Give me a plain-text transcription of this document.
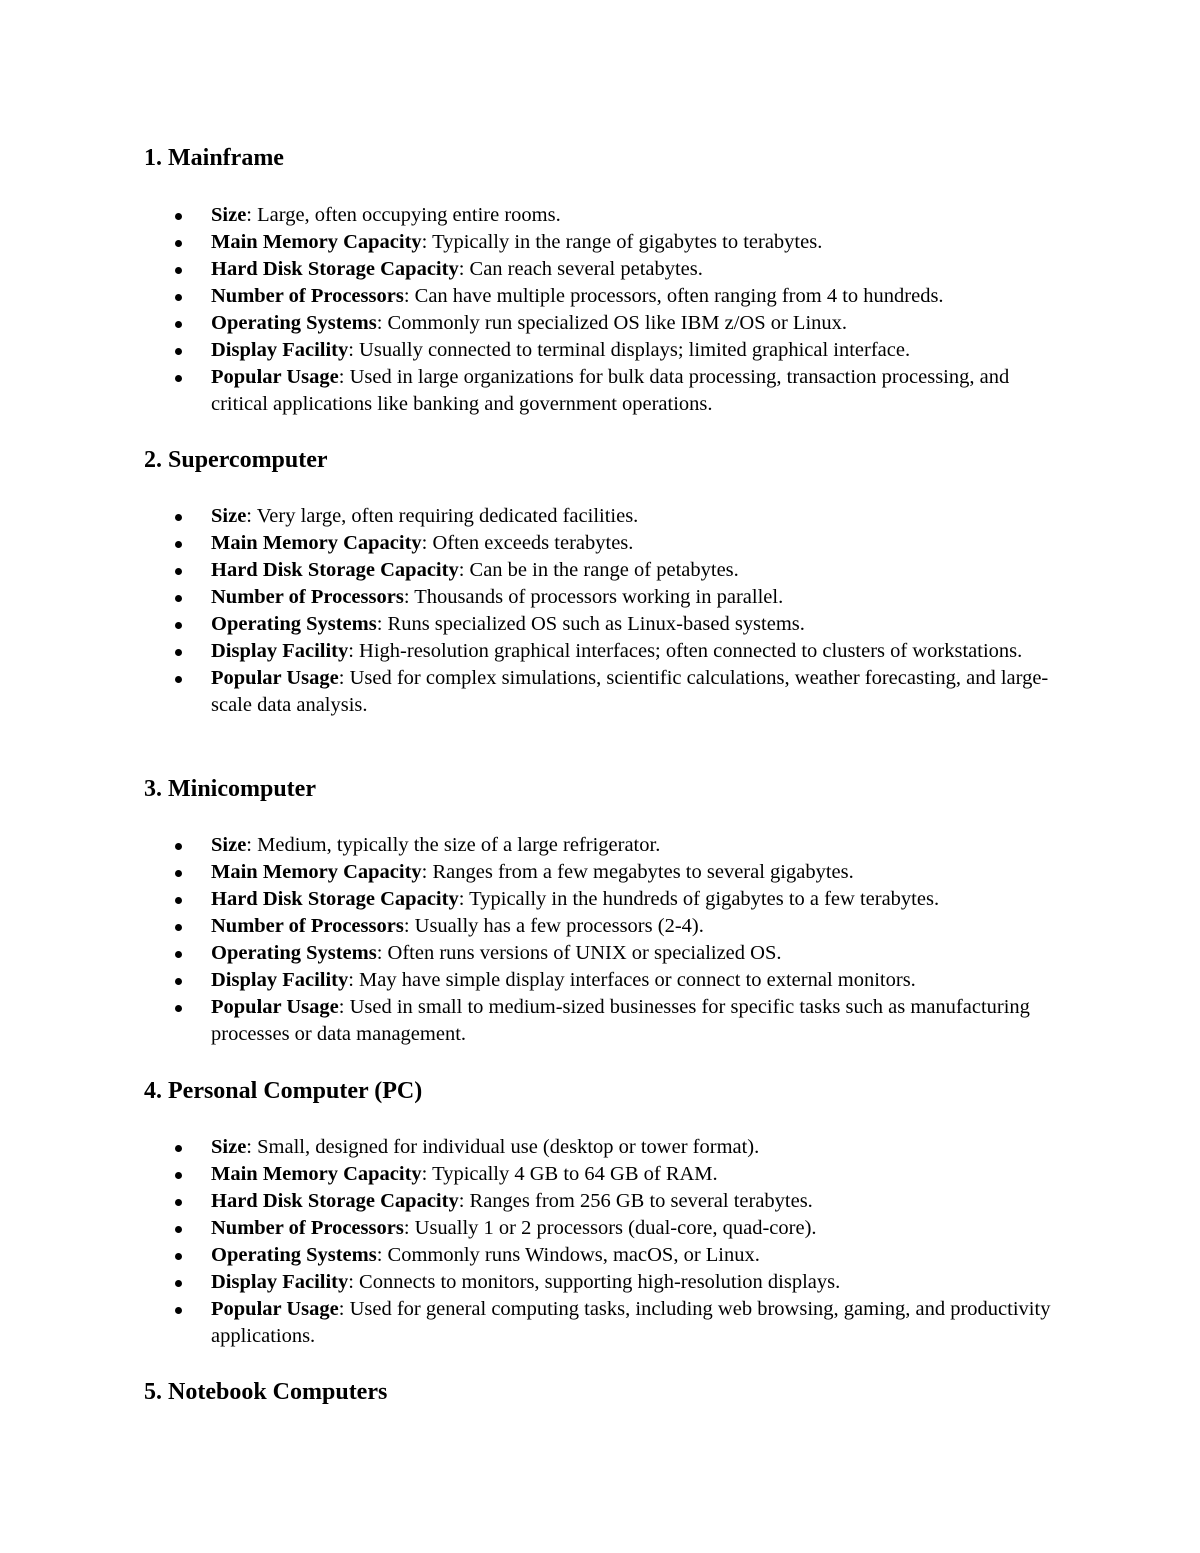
1. Mainframe
Size: Large, often occupying entire rooms.
Main Memory Capacity: Typically in the range of gigabytes to terabytes.
Hard Disk Storage Capacity: Can reach several petabytes.
Number of Processors: Can have multiple processors, often ranging from 4 to hundreds.
Operating Systems: Commonly run specialized OS like IBM z/OS or Linux.
Display Facility: Usually connected to terminal displays; limited graphical interface.
Popular Usage: Used in large organizations for bulk data processing, transaction processing, and critical applications like banking and government operations.
2. Supercomputer
Size: Very large, often requiring dedicated facilities.
Main Memory Capacity: Often exceeds terabytes.
Hard Disk Storage Capacity: Can be in the range of petabytes.
Number of Processors: Thousands of processors working in parallel.
Operating Systems: Runs specialized OS such as Linux-based systems.
Display Facility: High-resolution graphical interfaces; often connected to clusters of workstations.
Popular Usage: Used for complex simulations, scientific calculations, weather forecasting, and large-scale data analysis.
3. Minicomputer
Size: Medium, typically the size of a large refrigerator.
Main Memory Capacity: Ranges from a few megabytes to several gigabytes.
Hard Disk Storage Capacity: Typically in the hundreds of gigabytes to a few terabytes.
Number of Processors: Usually has a few processors (2-4).
Operating Systems: Often runs versions of UNIX or specialized OS.
Display Facility: May have simple display interfaces or connect to external monitors.
Popular Usage: Used in small to medium-sized businesses for specific tasks such as manufacturing processes or data management.
4. Personal Computer (PC)
Size: Small, designed for individual use (desktop or tower format).
Main Memory Capacity: Typically 4 GB to 64 GB of RAM.
Hard Disk Storage Capacity: Ranges from 256 GB to several terabytes.
Number of Processors: Usually 1 or 2 processors (dual-core, quad-core).
Operating Systems: Commonly runs Windows, macOS, or Linux.
Display Facility: Connects to monitors, supporting high-resolution displays.
Popular Usage: Used for general computing tasks, including web browsing, gaming, and productivity applications.
5. Notebook Computers
